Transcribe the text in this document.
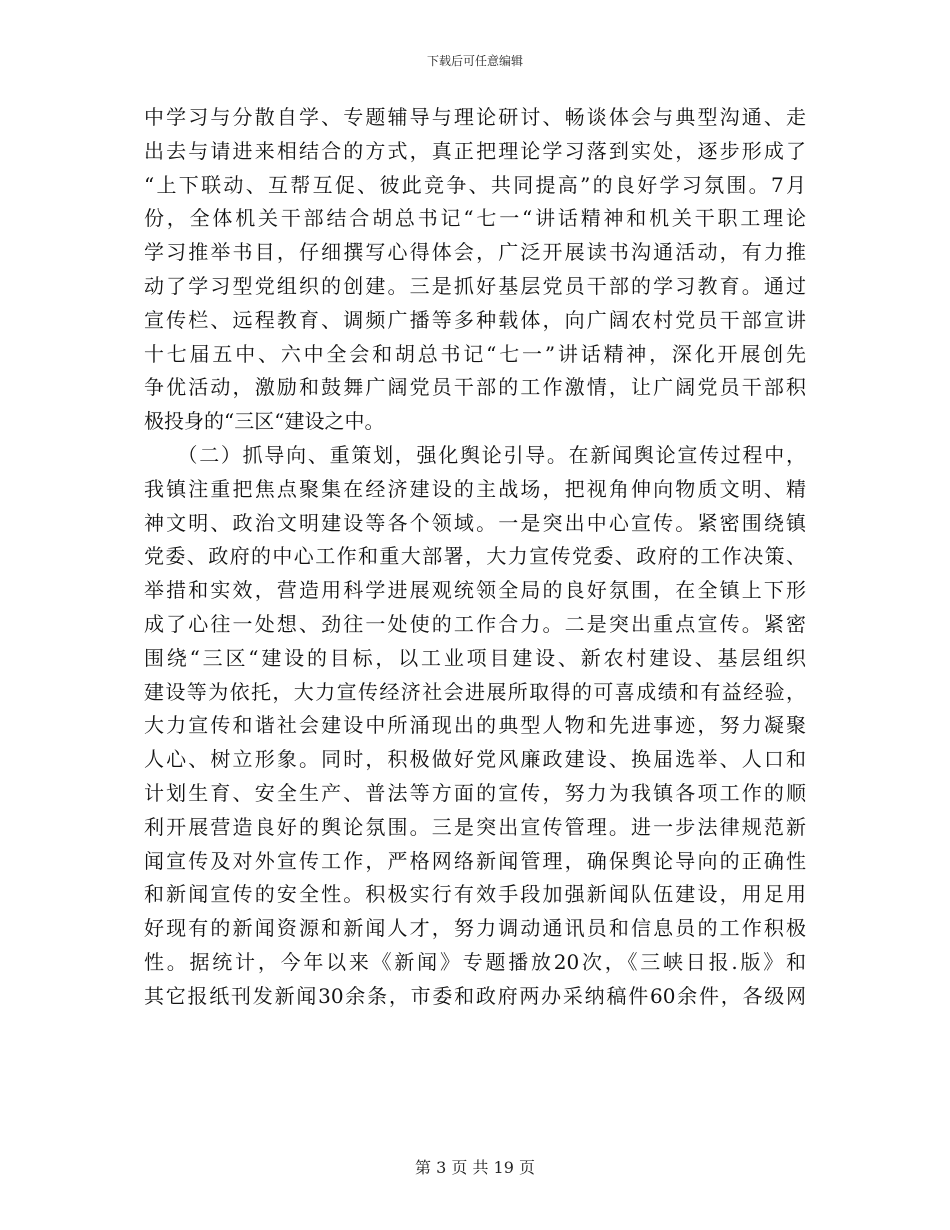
下载后可任意编辑
中学习与分散自学、专题辅导与理论研讨、畅谈体会与典型沟通、走
出去与请进来相结合的方式，真正把理论学习落到实处，逐步形成了
“上下联动、互帮互促、彼此竞争、共同提高”的良好学习氛围。7月
份，全体机关干部结合胡总书记“七一“讲话精神和机关干职工理论
学习推举书目，仔细撰写心得体会，广泛开展读书沟通活动，有力推
动了学习型党组织的创建。三是抓好基层党员干部的学习教育。通过
宣传栏、远程教育、调频广播等多种载体，向广阔农村党员干部宣讲
十七届五中、六中全会和胡总书记“七一”讲话精神，深化开展创先
争优活动，激励和鼓舞广阔党员干部的工作激情，让广阔党员干部积
极投身的“三区“建设之中。
　　（二）抓导向、重策划，强化舆论引导。在新闻舆论宣传过程中，
我镇注重把焦点聚集在经济建设的主战场，把视角伸向物质文明、精
神文明、政治文明建设等各个领域。一是突出中心宣传。紧密围绕镇
党委、政府的中心工作和重大部署，大力宣传党委、政府的工作决策、
举措和实效，营造用科学进展观统领全局的良好氛围，在全镇上下形
成了心往一处想、劲往一处使的工作合力。二是突出重点宣传。紧密
围绕“三区“建设的目标，以工业项目建设、新农村建设、基层组织
建设等为依托，大力宣传经济社会进展所取得的可喜成绩和有益经验，
大力宣传和谐社会建设中所涌现出的典型人物和先进事迹，努力凝聚
人心、树立形象。同时，积极做好党风廉政建设、换届选举、人口和
计划生育、安全生产、普法等方面的宣传，努力为我镇各项工作的顺
利开展营造良好的舆论氛围。三是突出宣传管理。进一步法律规范新
闻宣传及对外宣传工作，严格网络新闻管理，确保舆论导向的正确性
和新闻宣传的安全性。积极实行有效手段加强新闻队伍建设，用足用
好现有的新闻资源和新闻人才，努力调动通讯员和信息员的工作积极
性。据统计，今年以来《新闻》专题播放20次，《三峡日报.版》和
其它报纸刊发新闻30余条，市委和政府两办采纳稿件60余件，各级网
第 3 页 共 19 页
